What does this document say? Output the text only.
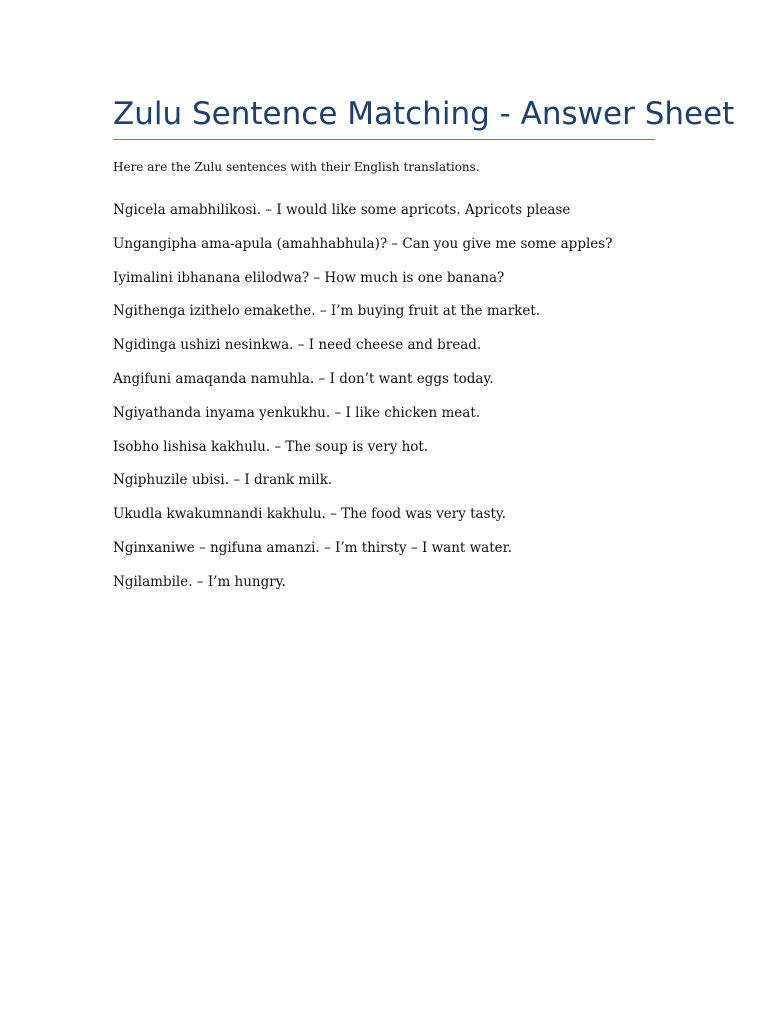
Zulu Sentence Matching - Answer Sheet

Here are the Zulu sentences with their English translations.

Ngicela amabhilikosi. – I would like some apricots. Apricots please
Ungangipha ama-apula (amahhabhula)? – Can you give me some apples?
Iyimalini ibhanana elilodwa? – How much is one banana?
Ngithenga izithelo emakethe. – I’m buying fruit at the market.
Ngidinga ushizi nesinkwa. – I need cheese and bread.
Angifuni amaqanda namuhla. – I don’t want eggs today.
Ngiyathanda inyama yenkukhu. – I like chicken meat.
Isobho lishisa kakhulu. – The soup is very hot.
Ngiphuzile ubisi. – I drank milk.
Ukudla kwakumnandi kakhulu. – The food was very tasty.
Nginxaniwe – ngifuna amanzi. – I’m thirsty – I want water.
Ngilambile. – I’m hungry.
